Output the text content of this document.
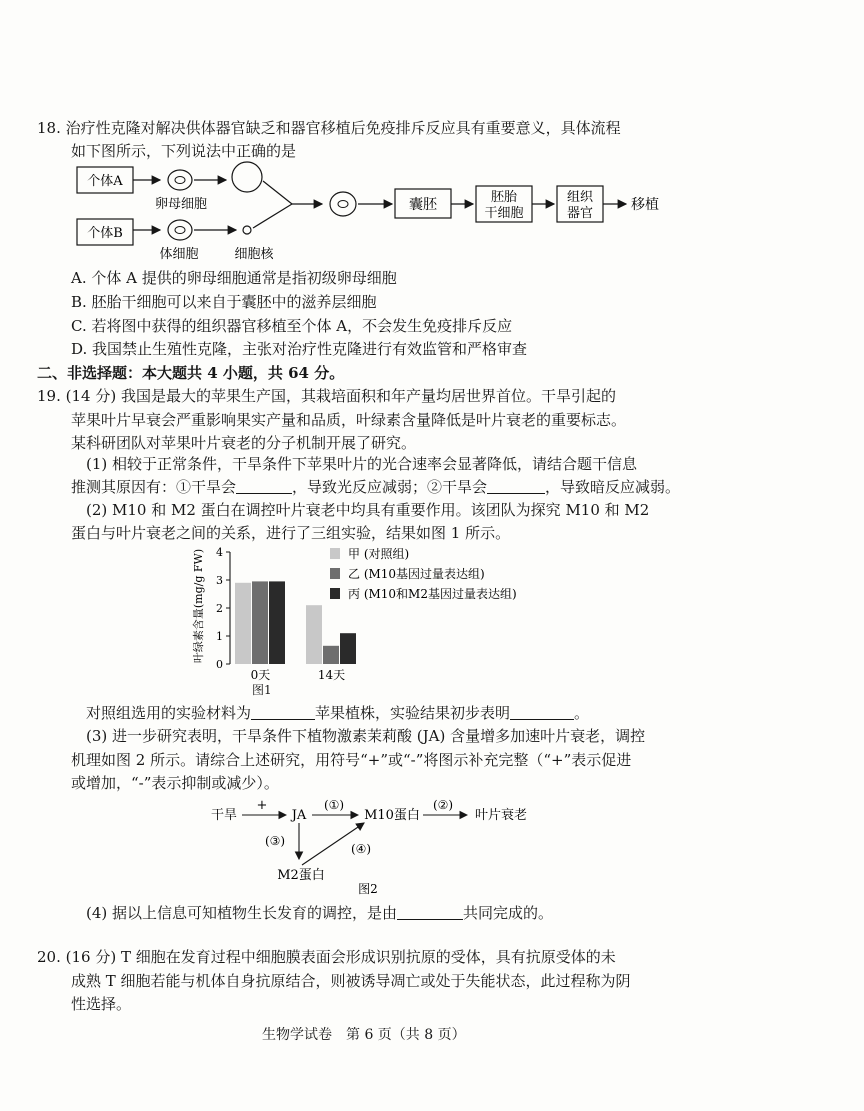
18. 治疗性克隆对解决供体器官缺乏和器官移植后免疫排斥反应具有重要意义，具体流程
如下图所示，下列说法中正确的是
个体A
卵母细胞
个体B
体细胞	细胞核
囊胚	胚胎
干细胞
组织
器官
移植
A. 个体 A 提供的卵母细胞通常是指初级卵母细胞
B. 胚胎干细胞可以来自于囊胚中的滋养层细胞
C. 若将图中获得的组织器官移植至个体 A，不会发生免疫排斥反应
D. 我国禁止生殖性克隆，主张对治疗性克隆进行有效监管和严格审查
二、非选择题：本大题共 4 小题，共 64 分。
19. (14 分) 我国是最大的苹果生产国，其栽培面积和年产量均居世界首位。干旱引起的
苹果叶片早衰会严重影响果实产量和品质，叶绿素含量降低是叶片衰老的重要标志。
某科研团队对苹果叶片衰老的分子机制开展了研究。
(1) 相较于正常条件，干旱条件下苹果叶片的光合速率会显著降低，请结合题干信息
推测其原因有：①干旱会	，导致光反应减弱；②干旱会	，导致暗反应减弱。
(2) M10 和 M2 蛋白在调控叶片衰老中均具有重要作用。该团队为探究 M10 和 M2
蛋白与叶片衰老之间的关系，进行了三组实验，结果如图 1 所示。
叶绿素含量(mg/g FW)
0
1
2
3
4
0天	14天
甲 (对照组)
乙 (M10基因过量表达组)
丙 (M10和M2基因过量表达组)
图1
对照组选用的实验材料为	苹果植株，实验结果初步表明	。
(3) 进一步研究表明，干旱条件下植物激素茉莉酸 (JA) 含量增多加速叶片衰老，调控
机理如图 2 所示。请综合上述研究，用符号“+”或“-”将图示补充完整（“+”表示促进
或增加，“-”表示抑制或减少）。
干旱
+
JA
(①)
M10蛋白
(②)
叶片衰老
(③)
(④)
M2蛋白
图2
(4) 据以上信息可知植物生长发育的调控，是由	共同完成的。
20. (16 分) T 细胞在发育过程中细胞膜表面会形成识别抗原的受体，具有抗原受体的未
成熟 T 细胞若能与机体自身抗原结合，则被诱导凋亡或处于失能状态，此过程称为阴
性选择。
生物学试卷　第 6 页（共 8 页）
